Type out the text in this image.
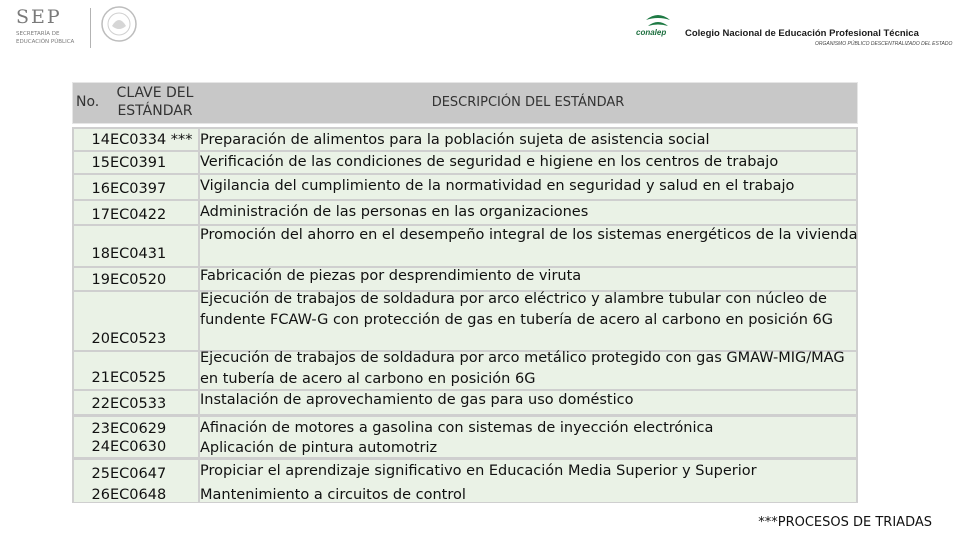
SEP
SECRETARÍA DE EDUCACIÓN PÚBLICA
conalep Colegio Nacional de Educación Profesional Técnica
ORGANISMO PÚBLICO DESCENTRALIZADO DEL ESTADO
No.
CLAVE DEL ESTÁNDAR
DESCRIPCIÓN DEL ESTÁNDAR
14 EC0334 *** Preparación de alimentos para la población sujeta de asistencia social
15 EC0391 Verificación de las condiciones de seguridad e higiene en los centros de trabajo
16 EC0397 Vigilancia del cumplimiento de la normatividad en seguridad y salud en el trabajo
17 EC0422 Administración de las personas en las organizaciones
18 EC0431
Promoción del ahorro en el desempeño integral de los sistemas energéticos de la vivienda
19 EC0520 Fabricación de piezas por desprendimiento de viruta
20 EC0523
Ejecución de trabajos de soldadura por arco eléctrico y alambre tubular con núcleo de fundente FCAW-G con protección de gas en tubería de acero al carbono en posición 6G
21 EC0525
Ejecución de trabajos de soldadura por arco metálico protegido con gas GMAW-MIG/MAG en tubería de acero al carbono en posición 6G
22 EC0533 Instalación de aprovechamiento de gas para uso doméstico
23 EC0629 Afinación de motores a gasolina con sistemas de inyección electrónica
24 EC0630 Aplicación de pintura automotriz
25 EC0647 Propiciar el aprendizaje significativo en Educación Media Superior y Superior
26 EC0648 Mantenimiento a circuitos de control
***PROCESOS DE TRIADAS
